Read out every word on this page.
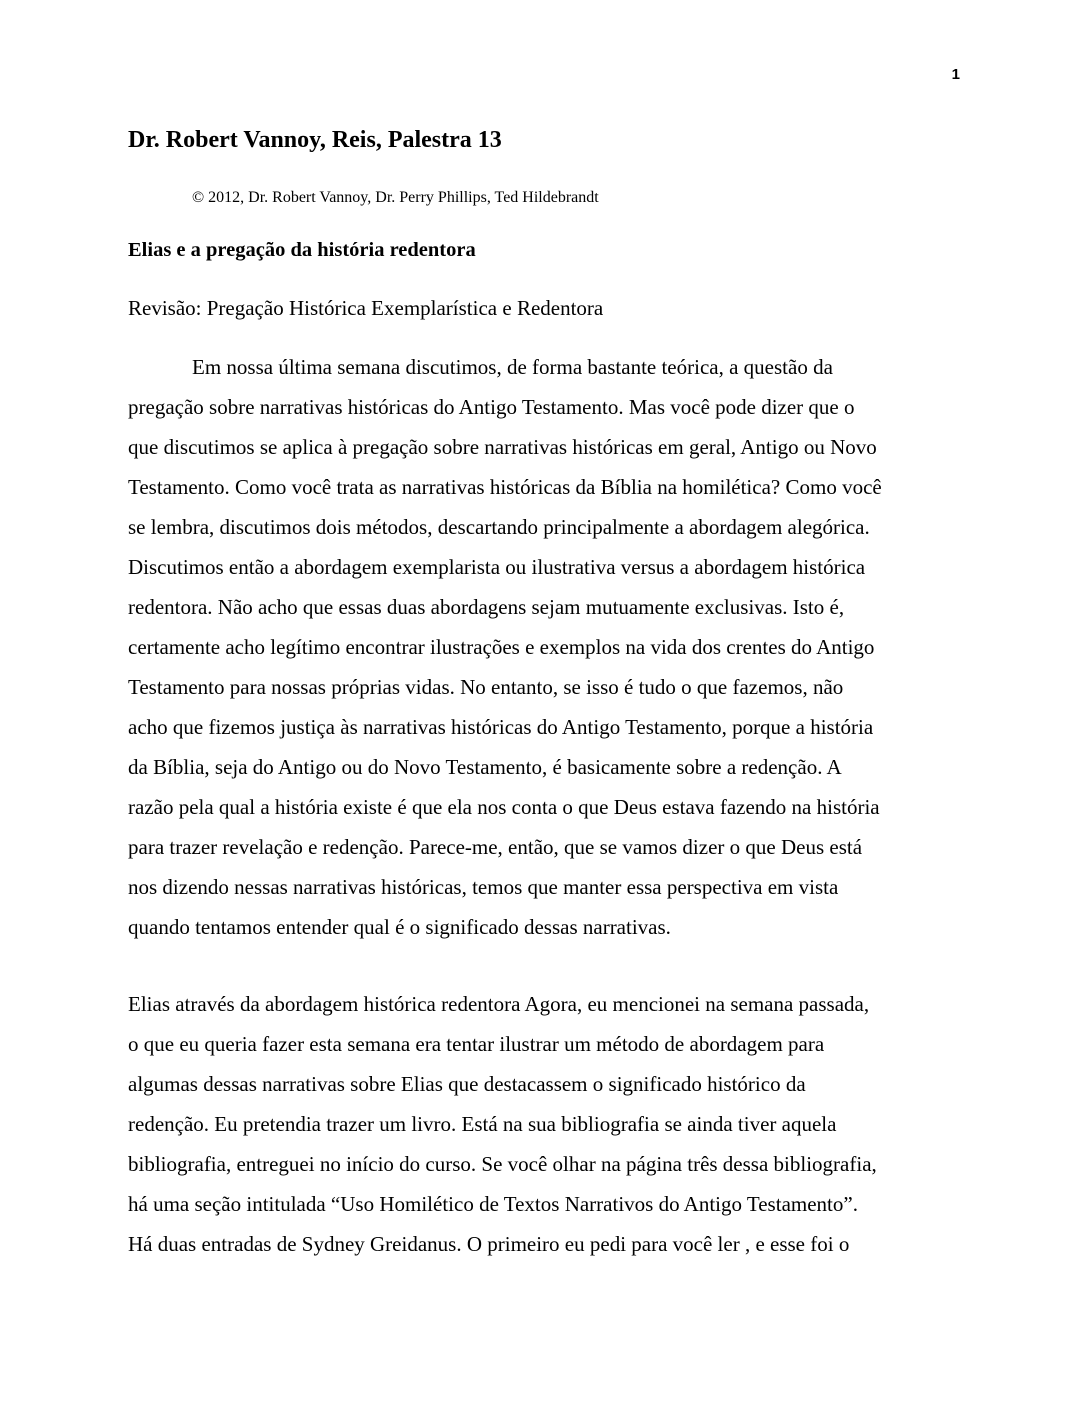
1
Dr. Robert Vannoy, Reis, Palestra 13
© 2012, Dr. Robert Vannoy, Dr. Perry Phillips, Ted Hildebrandt
Elias e a pregação da história redentora
Revisão: Pregação Histórica Exemplarística e Redentora
Em nossa última semana discutimos, de forma bastante teórica, a questão da
pregação sobre narrativas históricas do Antigo Testamento. Mas você pode dizer que o
que discutimos se aplica à pregação sobre narrativas históricas em geral, Antigo ou Novo
Testamento. Como você trata as narrativas históricas da Bíblia na homilética? Como você
se lembra, discutimos dois métodos, descartando principalmente a abordagem alegórica.
Discutimos então a abordagem exemplarista ou ilustrativa versus a abordagem histórica
redentora. Não acho que essas duas abordagens sejam mutuamente exclusivas. Isto é,
certamente acho legítimo encontrar ilustrações e exemplos na vida dos crentes do Antigo
Testamento para nossas próprias vidas. No entanto, se isso é tudo o que fazemos, não
acho que fizemos justiça às narrativas históricas do Antigo Testamento, porque a história
da Bíblia, seja do Antigo ou do Novo Testamento, é basicamente sobre a redenção. A
razão pela qual a história existe é que ela nos conta o que Deus estava fazendo na história
para trazer revelação e redenção. Parece-me, então, que se vamos dizer o que Deus está
nos dizendo nessas narrativas históricas, temos que manter essa perspectiva em vista
quando tentamos entender qual é o significado dessas narrativas.
Elias através da abordagem histórica redentora Agora, eu mencionei na semana passada,
o que eu queria fazer esta semana era tentar ilustrar um método de abordagem para
algumas dessas narrativas sobre Elias que destacassem o significado histórico da
redenção. Eu pretendia trazer um livro. Está na sua bibliografia se ainda tiver aquela
bibliografia, entreguei no início do curso. Se você olhar na página três dessa bibliografia,
há uma seção intitulada “Uso Homilético de Textos Narrativos do Antigo Testamento”.
Há duas entradas de Sydney Greidanus. O primeiro eu pedi para você ler , e esse foi o
